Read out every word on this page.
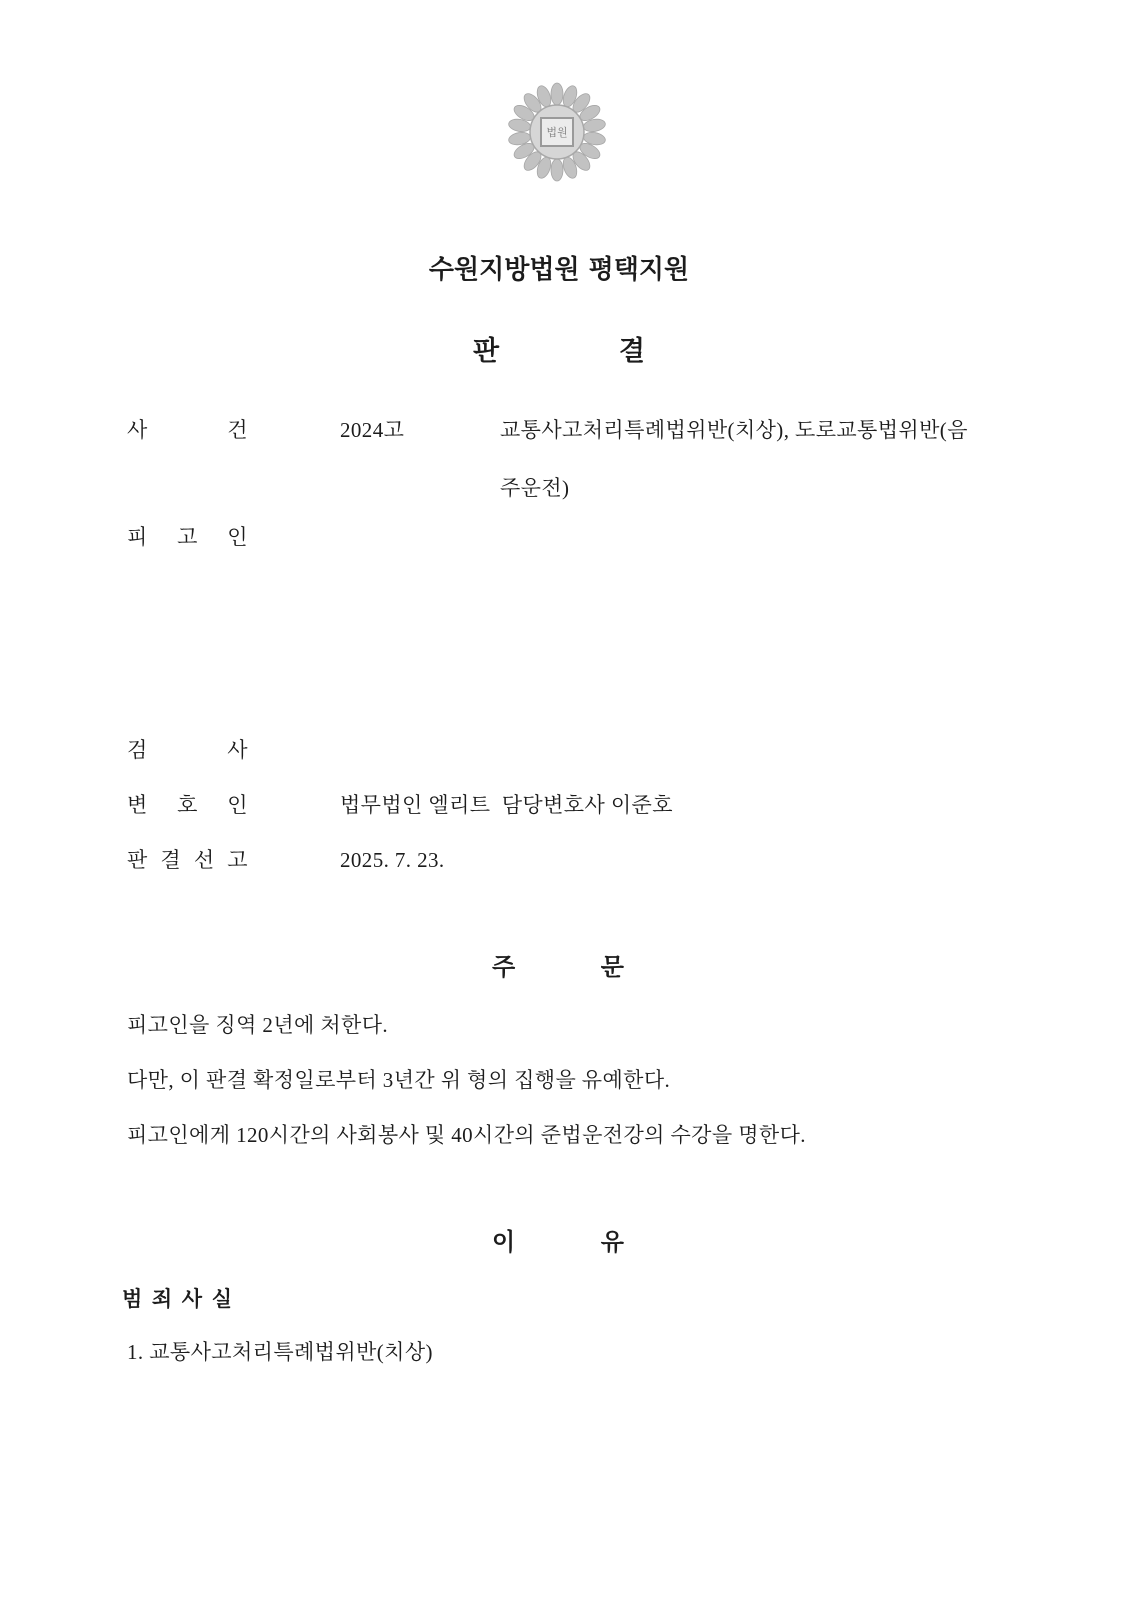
법원
수원지방법원 평택지원
판 결
사 건	2024고	교통사고처리특례법위반(치상), 도로교통법위반(음
주운전)
피 고 인
검 사
변 호 인	법무법인 엘리트  담당변호사 이준호
판 결 선 고	2025. 7. 23.
주 문
피고인을 징역 2년에 처한다.
다만, 이 판결 확정일로부터 3년간 위 형의 집행을 유예한다.
피고인에게 120시간의 사회봉사 및 40시간의 준법운전강의 수강을 명한다.
이 유
범 죄 사 실
1. 교통사고처리특례법위반(치상)
